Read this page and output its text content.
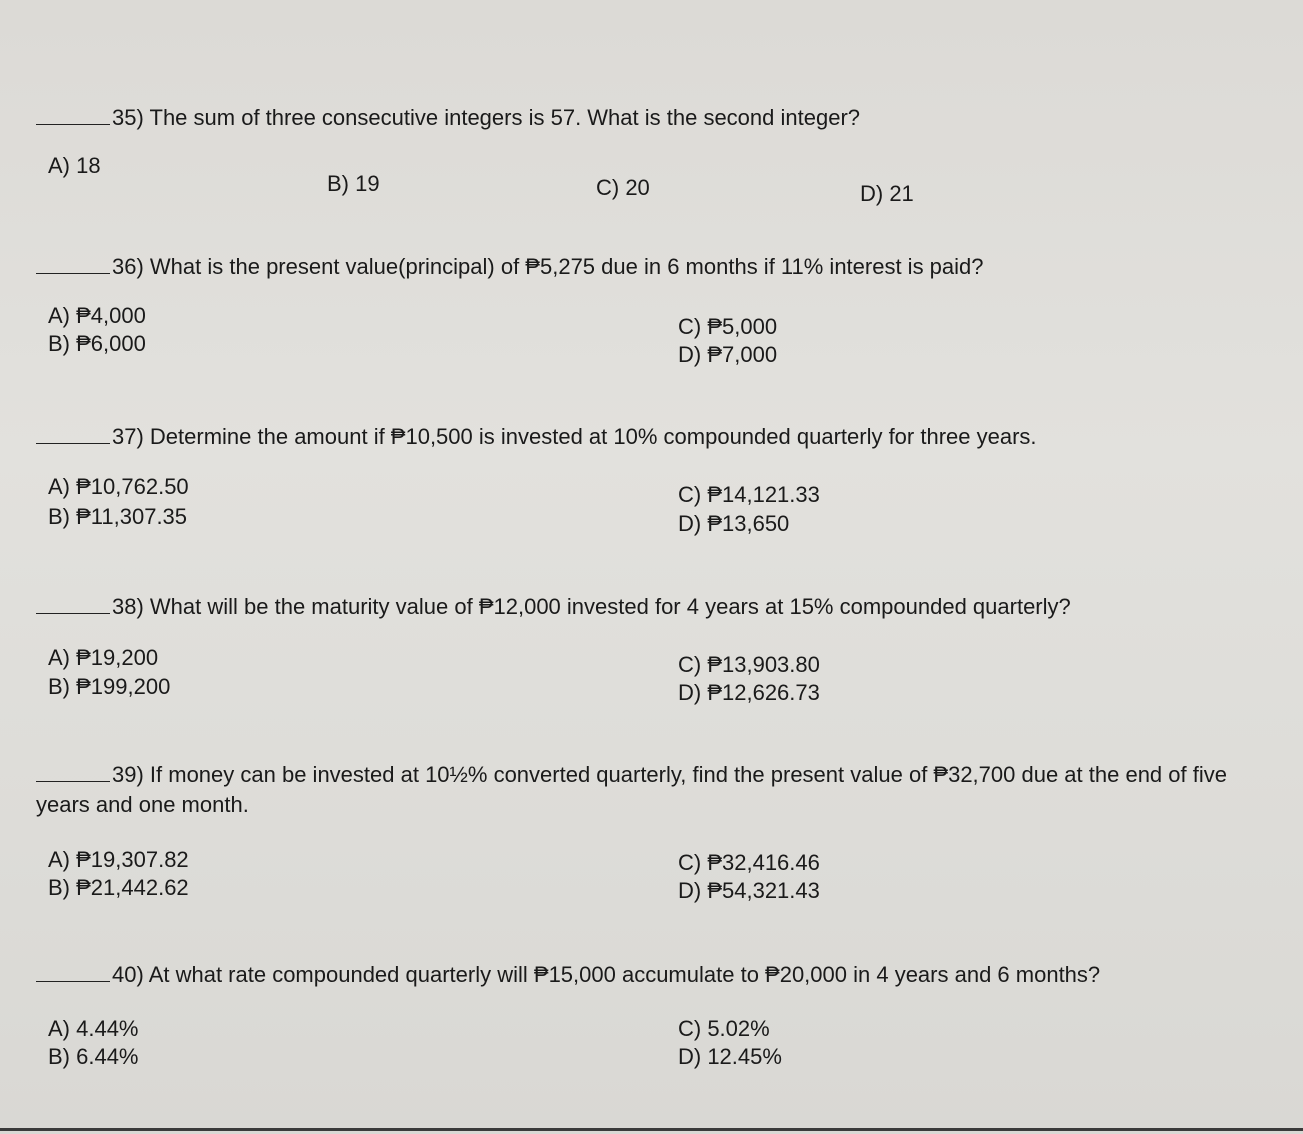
35) The sum of three consecutive integers is 57. What is the second integer?
A) 18
B) 19	C) 20	D) 21
36) What is the present value(principal) of ₱5,275 due in 6 months if 11% interest is paid?
A) ₱4,000
B) ₱6,000
C) ₱5,000
D) ₱7,000
37) Determine the amount if ₱10,500 is invested at 10% compounded quarterly for three years.
A) ₱10,762.50
B) ₱11,307.35
C) ₱14,121.33
D) ₱13,650
38) What will be the maturity value of ₱12,000 invested for 4 years at 15% compounded quarterly?
A) ₱19,200
B) ₱199,200
C) ₱13,903.80
D) ₱12,626.73
39) If money can be invested at 10½% converted quarterly, find the present value of ₱32,700 due at the end of five years and one month.
A) ₱19,307.82
B) ₱21,442.62
C) ₱32,416.46
D) ₱54,321.43
40) At what rate compounded quarterly will ₱15,000 accumulate to ₱20,000 in 4 years and 6 months?
A) 4.44%
B) 6.44%
C) 5.02%
D) 12.45%
